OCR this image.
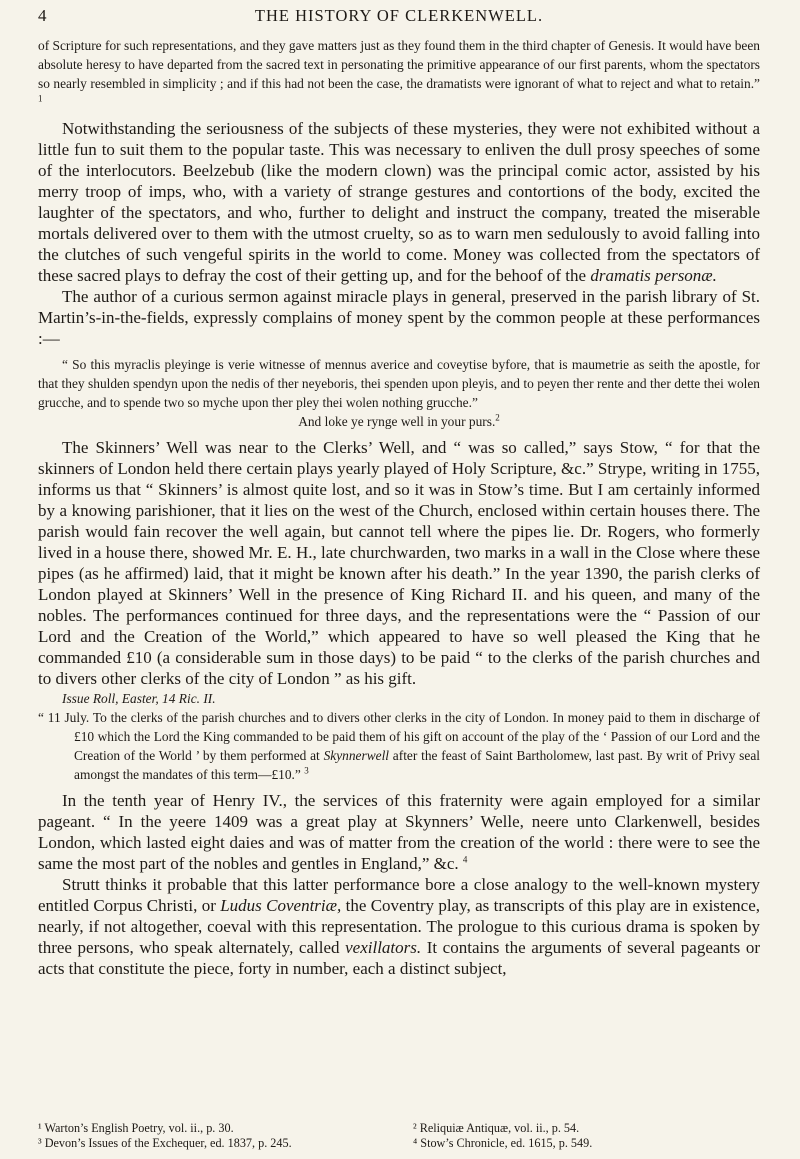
4	THE HISTORY OF CLERKENWELL.

of Scripture for such representations, and they gave matters just as they found them in the third chapter of Genesis. It would have been absolute heresy to have departed from the sacred text in personating the primitive appearance of our first parents, whom the spectators so nearly resembled in simplicity ; and if this had not been the case, the dramatists were ignorant of what to reject and what to retain.” $^1$

Notwithstanding the seriousness of the subjects of these mysteries, they were not exhibited without a little fun to suit them to the popular taste. This was necessary to enliven the dull prosy speeches of some of the interlocutors. Beelzebub (like the modern clown) was the principal comic actor, assisted by his merry troop of imps, who, with a variety of strange gestures and contortions of the body, excited the laughter of the spectators, and who, further to delight and instruct the company, treated the miserable mortals delivered over to them with the utmost cruelty, so as to warn men sedulously to avoid falling into the clutches of such vengeful spirits in the world to come. Money was collected from the spectators of these sacred plays to defray the cost of their getting up, and for the behoof of the dramatis personæ.

The author of a curious sermon against miracle plays in general, preserved in the parish library of St. Martin’s-in-the-fields, expressly complains of money spent by the common people at these performances :—

“ So this myraclis pleyinge is verie witnesse of mennus averice and coveytise byfore, that is maumetrie as seith the apostle, for that they shulden spendyn upon the nedis of ther neyeboris, thei spenden upon pleyis, and to peyen ther rente and ther dette thei wolen grucche, and to spende two so myche upon ther pley thei wolen nothing grucche.”

And loke ye rynge well in your purs.$^2$

The Skinners’ Well was near to the Clerks’ Well, and “ was so called,” says Stow, “ for that the skinners of London held there certain plays yearly played of Holy Scripture, &c.” Strype, writing in 1755, informs us that “ Skinners’ is almost quite lost, and so it was in Stow’s time. But I am certainly informed by a knowing parishioner, that it lies on the west of the Church, enclosed within certain houses there. The parish would fain recover the well again, but cannot tell where the pipes lie. Dr. Rogers, who formerly lived in a house there, showed Mr. E. H., late churchwarden, two marks in a wall in the Close where these pipes (as he affirmed) laid, that it might be known after his death.” In the year 1390, the parish clerks of London played at Skinners’ Well in the presence of King Richard II. and his queen, and many of the nobles. The performances continued for three days, and the representations were the “ Passion of our Lord and the Creation of the World,” which appeared to have so well pleased the King that he commanded £10 (a considerable sum in those days) to be paid “ to the clerks of the parish churches and to divers other clerks of the city of London ” as his gift.

Issue Roll, Easter, 14 Ric. II.

“ 11 July. To the clerks of the parish churches and to divers other clerks in the city of London. In money paid to them in discharge of £10 which the Lord the King commanded to be paid them of his gift on account of the play of the ‘ Passion of our Lord and the Creation of the World ’ by them performed at Skynnerwell after the feast of Saint Bartholomew, last past. By writ of Privy seal amongst the mandates of this term—£10.” $^3$

In the tenth year of Henry IV., the services of this fraternity were again employed for a similar pageant. “ In the yeere 1409 was a great play at Skynners’ Welle, neere unto Clarkenwell, besides London, which lasted eight daies and was of matter from the creation of the world : there were to see the same the most part of the nobles and gentles in England,” &c. $^4$

Strutt thinks it probable that this latter performance bore a close analogy to the well-known mystery entitled Corpus Christi, or Ludus Coventriæ, the Coventry play, as transcripts of this play are in existence, nearly, if not altogether, coeval with this representation. The prologue to this curious drama is spoken by three persons, who speak alternately, called vexillators. It contains the arguments of several pageants or acts that constitute the piece, forty in number, each a distinct subject,

¹ Warton’s English Poetry, vol. ii., p. 30.	² Reliquiæ Antiquæ, vol. ii., p. 54.
³ Devon’s Issues of the Exchequer, ed. 1837, p. 245.	⁴ Stow’s Chronicle, ed. 1615, p. 549.
